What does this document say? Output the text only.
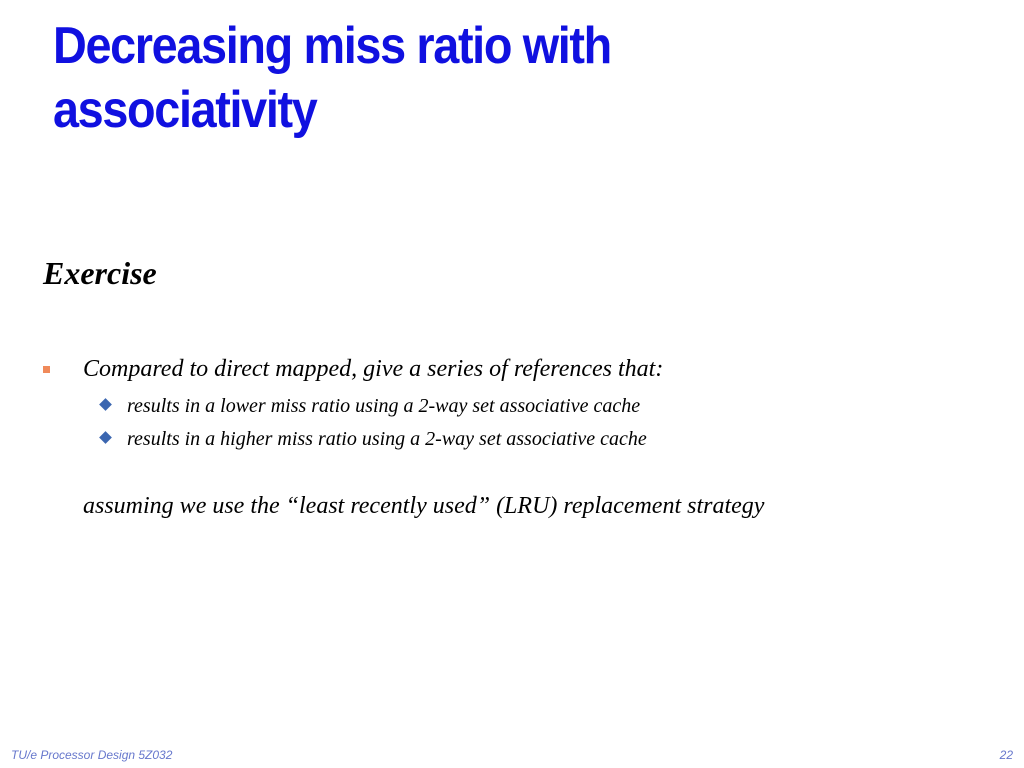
Decreasing miss ratio with
associativity
Exercise
Compared to direct mapped, give a series of references that:
results in a lower miss ratio using a 2-way set associative cache
results in a higher miss ratio using a 2-way set associative cache

assuming we use the “least recently used” (LRU) replacement strategy

TU/e Processor Design 5Z032	22
